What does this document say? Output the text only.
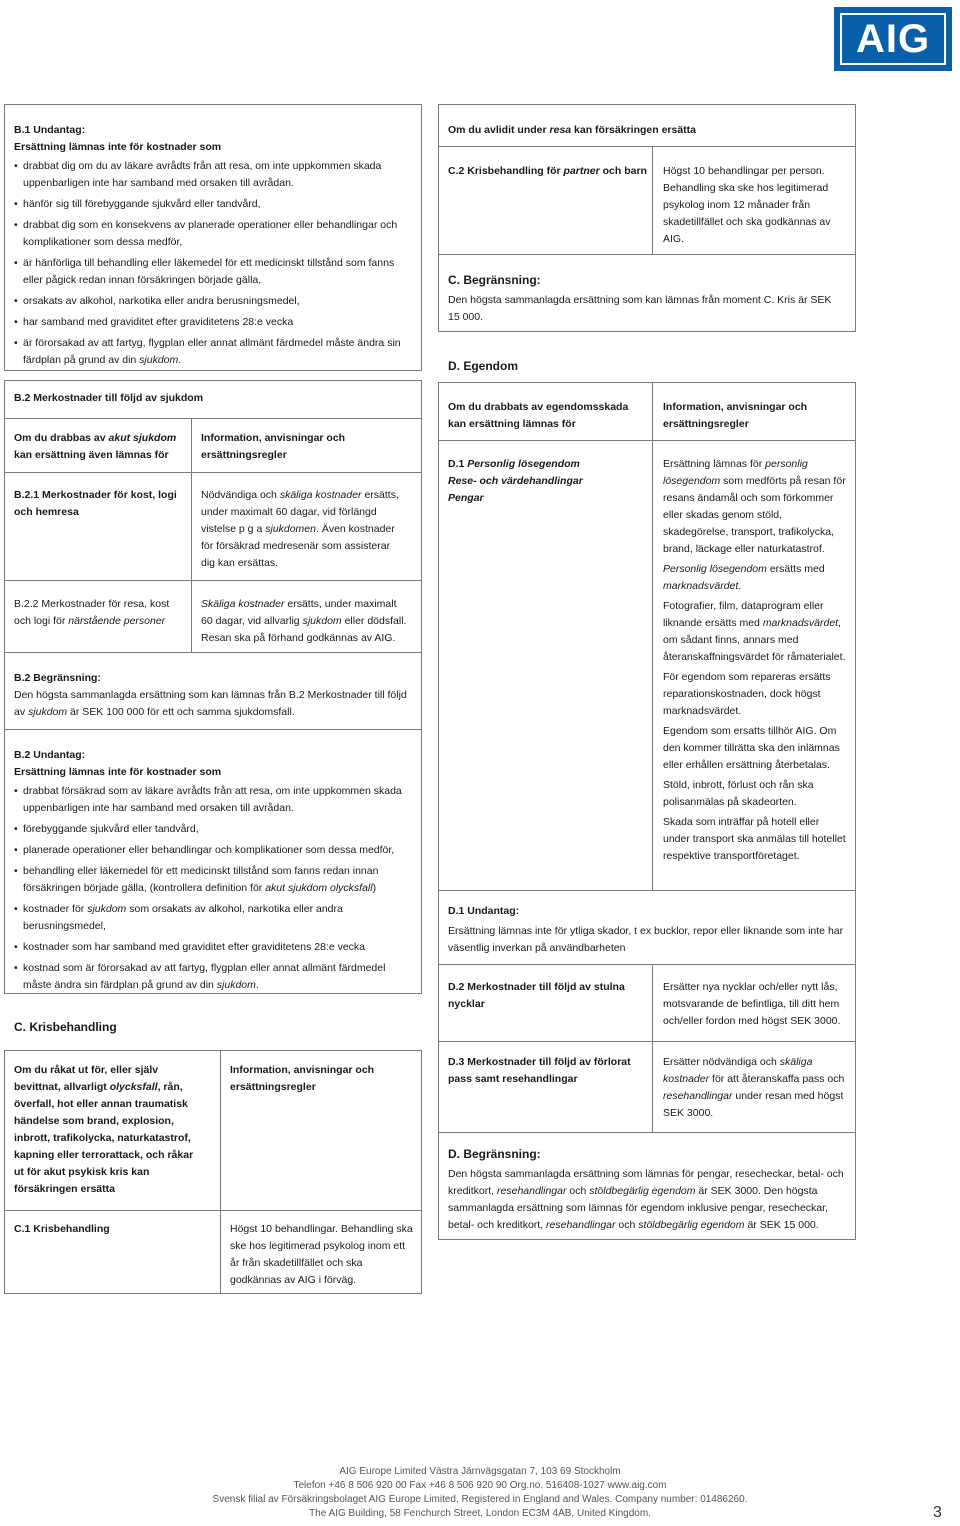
AIG

B.1 Undantag:

Ersättning lämnas inte för kostnader som

• drabbat dig om du av läkare avrådts från att resa, om inte uppkommen skada uppenbarligen inte har samband med orsaken till avrådan.
• hänför sig till förebyggande sjukvård eller tandvård,
• drabbat dig som en konsekvens av planerade operationer eller behandlingar och komplikationer som dessa medför,
• är hänförliga till behandling eller läkemedel för ett medicinskt tillstånd som fanns eller pågick redan innan försäkringen började gälla,
• orsakats av alkohol, narkotika eller andra berusningsmedel,
• har samband med graviditet efter graviditetens 28:e vecka
• är förorsakad av att fartyg, flygplan eller annat allmänt färdmedel måste ändra sin färdplan på grund av din sjukdom.
B.2 Merkostnader till följd av sjukdom
Om du drabbas av akut sjukdom kan ersättning även lämnas för
Information, anvisningar och ersättningsregler
B.2.1 Merkostnader för kost, logi och hemresa
Nödvändiga och skäliga kostnader ersätts, under maximalt 60 dagar, vid förlängd vistelse p g a sjukdomen. Även kostnader för försäkrad medresenär som assisterar dig kan ersättas.
B.2.2 Merkostnader för resa, kost och logi för närstående personer
Skäliga kostnader ersätts, under maximalt 60 dagar, vid allvarlig sjukdom eller dödsfall. Resan ska på förhand godkännas av AIG.

B.2 Begränsning:

Den högsta sammanlagda ersättning som kan lämnas från B.2 Merkostnader till följd av sjukdom är SEK 100 000 för ett och samma sjukdomsfall.

B.2 Undantag:

Ersättning lämnas inte för kostnader som

• drabbat försäkrad som av läkare avrådts från att resa, om inte uppkommen skada uppenbarligen inte har samband med orsaken till avrådan.
• förebyggande sjukvård eller tandvård,
• planerade operationer eller behandlingar och komplikationer som dessa medför,
• behandling eller läkemedel för ett medicinskt tillstånd som fanns redan innan försäkringen började gälla, (kontrollera definition för akut sjukdom olycksfall)
• kostnader för sjukdom som orsakats av alkohol, narkotika eller andra berusningsmedel,
• kostnader som har samband med graviditet efter graviditetens 28:e vecka
• kostnad som är förorsakad av att fartyg, flygplan eller annat allmänt färdmedel måste ändra sin färdplan på grund av din sjukdom.
C. Krisbehandling
Om du råkat ut för, eller själv bevittnat, allvarligt olycksfall, rån, överfall, hot eller annan traumatisk händelse som brand, explosion, inbrott, trafikolycka, naturkatastrof, kapning eller terrorattack, och råkar ut för akut psykisk kris kan försäkringen ersätta
Information, anvisningar och ersättningsregler
C.1 Krisbehandling	Högst 10 behandlingar. Behandling ska ske hos legitimerad psykolog inom ett år från skadetillfället och ska godkännas av AIG i förväg.
Om du avlidit under resa kan försäkringen ersätta
C.2 Krisbehandling för partner och barn Högst 10 behandlingar per person. Behandling ska ske hos legitimerad psykolog inom 12 månader från skadetillfället och ska godkännas av AIG.

C. Begränsning:

Den högsta sammanlagda ersättning som kan lämnas från moment C. Kris är SEK 15 000.

D. Egendom
Om du drabbats av egendomsskada kan ersättning lämnas för
Information, anvisningar och ersättningsregler
D.1 Personlig lösegendom Rese- och värdehandlingar Pengar

Ersättning lämnas för personlig lösegendom som medförts på resan för resans ändamål och som förkommer eller skadas genom stöld, skadegörelse, transport, trafikolycka, brand, läckage eller naturkatastrof.

Personlig lösegendom ersätts med marknadsvärdet.

Fotografier, film, dataprogram eller liknande ersätts med marknadsvärdet, om sådant finns, annars med återanskaffningsvärdet för råmaterialet.

För egendom som repareras ersätts reparationskostnaden, dock högst marknadsvärdet.

Egendom som ersatts tillhör AIG. Om den kommer tillrätta ska den inlämnas eller erhållen ersättning återbetalas.

Stöld, inbrott, förlust och rån ska polisanmälas på skadeorten.

Skada som inträffar på hotell eller under transport ska anmälas till hotellet respektive transportföretaget.

D.1 Undantag:

Ersättning lämnas inte för ytliga skador, t ex bucklor, repor eller liknande som inte har väsentlig inverkan på användbarheten

D.2 Merkostnader till följd av stulna nycklar
Ersätter nya nycklar och/eller nytt lås, motsvarande de befintliga, till ditt hem och/eller fordon med högst SEK 3000.
D.3 Merkostnader till följd av förlorat pass samt resehandlingar
Ersätter nödvändiga och skäliga kostnader för att återanskaffa pass och resehandlingar under resan med högst SEK 3000.

D. Begränsning:

Den högsta sammanlagda ersättning som lämnas för pengar, resecheckar, betal- och kreditkort, resehandlingar och stöldbegärlig egendom är SEK 3000. Den högsta sammanlagda ersättning som lämnas för egendom inklusive pengar, resecheckar, betal- och kreditkort, resehandlingar och stöldbegärlig egendom är SEK 15 000.

AIG Europe Limited Västra Järnvägsgatan 7, 103 69 Stockholm
Telefon +46 8 506 920 00 Fax +46 8 506 920 90 Org.no. 516408-1027 www.aig.com
Svensk filial av Försäkringsbolaget AIG Europe Limited, Registered in England and Wales. Company number: 01486260.
The AIG Building, 58 Fenchurch Street, London EC3M 4AB, United Kingdom.	3
